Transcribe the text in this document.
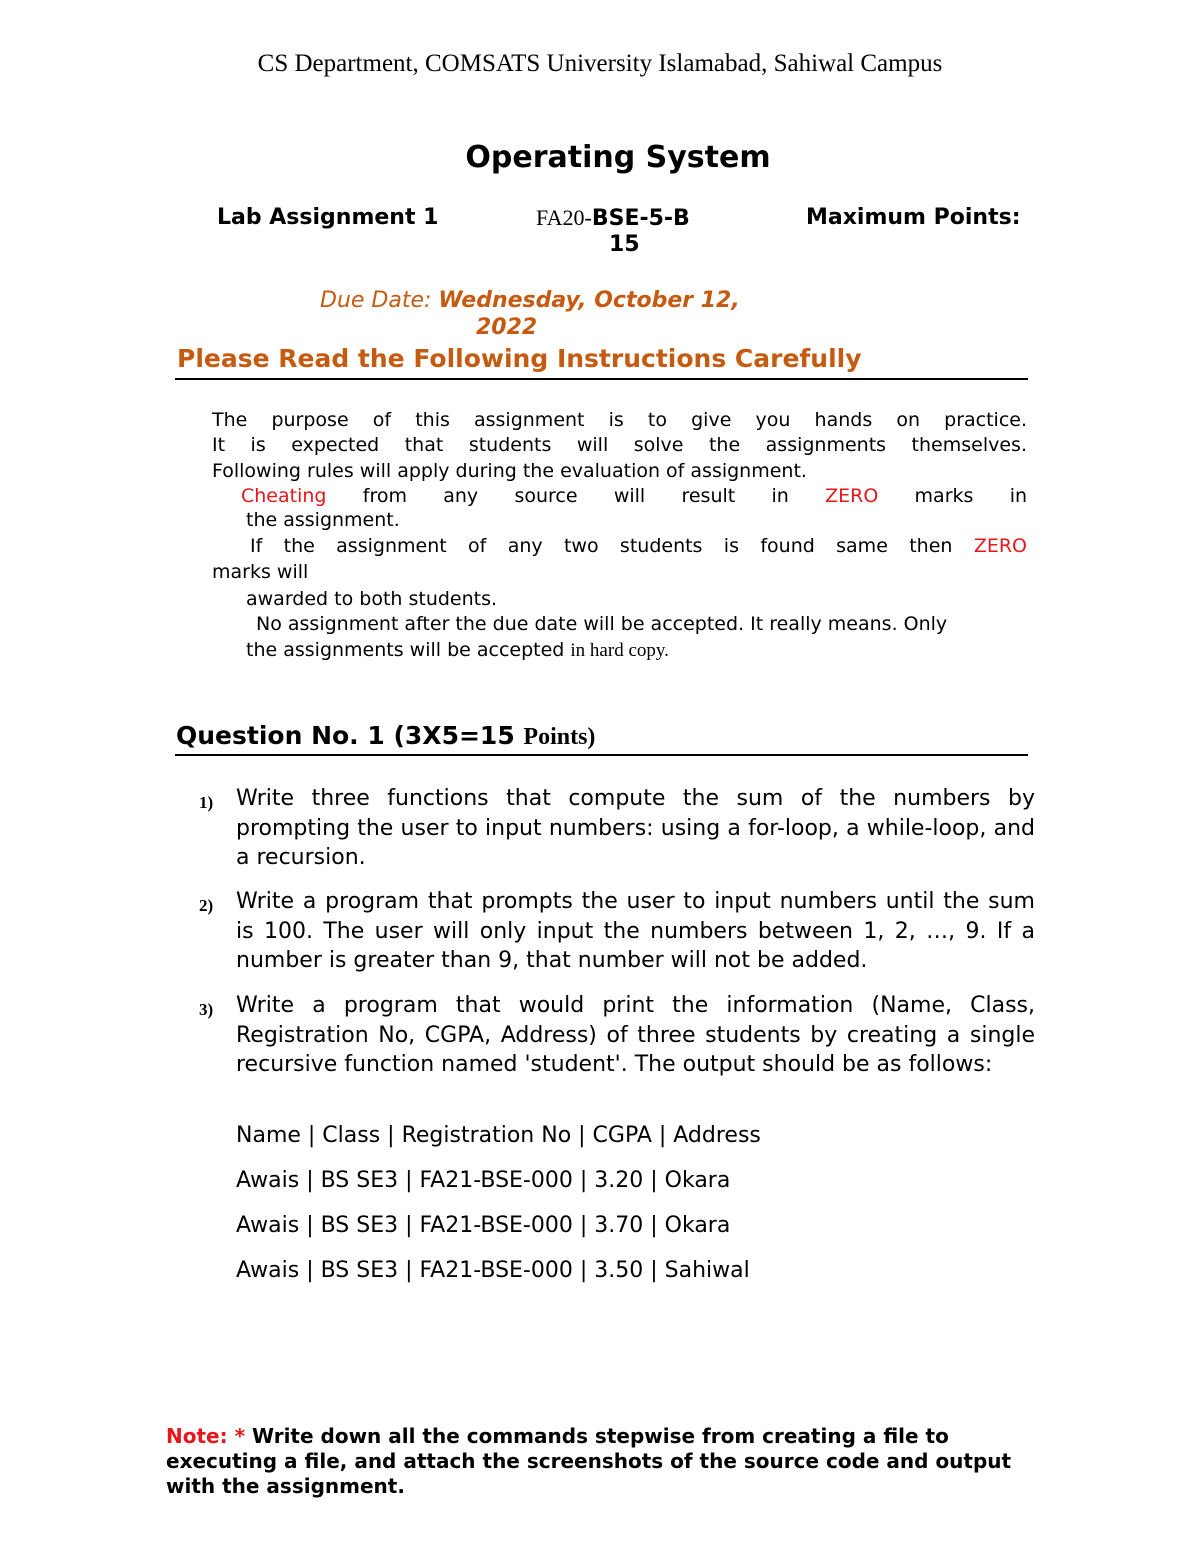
CS Department, COMSATS University Islamabad, Sahiwal Campus
Operating System
Lab Assignment 1	FA20-BSE-5-B	Maximum Points:
15
Due Date: Wednesday, October 12,
2022
Please Read the Following Instructions Carefully
The purpose of this assignment is to give you hands on practice.
It is expected that students will solve the assignments themselves.
Following rules will apply during the evaluation of assignment.
Cheating from any source will result in ZERO marks in
the assignment.
If the assignment of any two students is found same then ZERO
marks will
awarded to both students.
No assignment after the due date will be accepted. It really means. Only
the assignments will be accepted in hard copy.
Question No. 1 (3X5=15 Points)
1) Write three functions that compute the sum of the numbers by prompting the user to input numbers: using a for-loop, a while-loop, and a recursion.
2) Write a program that prompts the user to input numbers until the sum is 100. The user will only input the numbers between 1, 2, …, 9. If a number is greater than 9, that number will not be added.
3) Write a program that would print the information (Name, Class, Registration No, CGPA, Address) of three students by creating a single recursive function named 'student'. The output should be as follows:
Name | Class | Registration No | CGPA | Address
Awais | BS SE3 | FA21-BSE-000 | 3.20 | Okara
Awais | BS SE3 | FA21-BSE-000 | 3.70 | Okara
Awais | BS SE3 | FA21-BSE-000 | 3.50 | Sahiwal
Note: * Write down all the commands stepwise from creating a file to executing a file, and attach the screenshots of the source code and output with the assignment.
